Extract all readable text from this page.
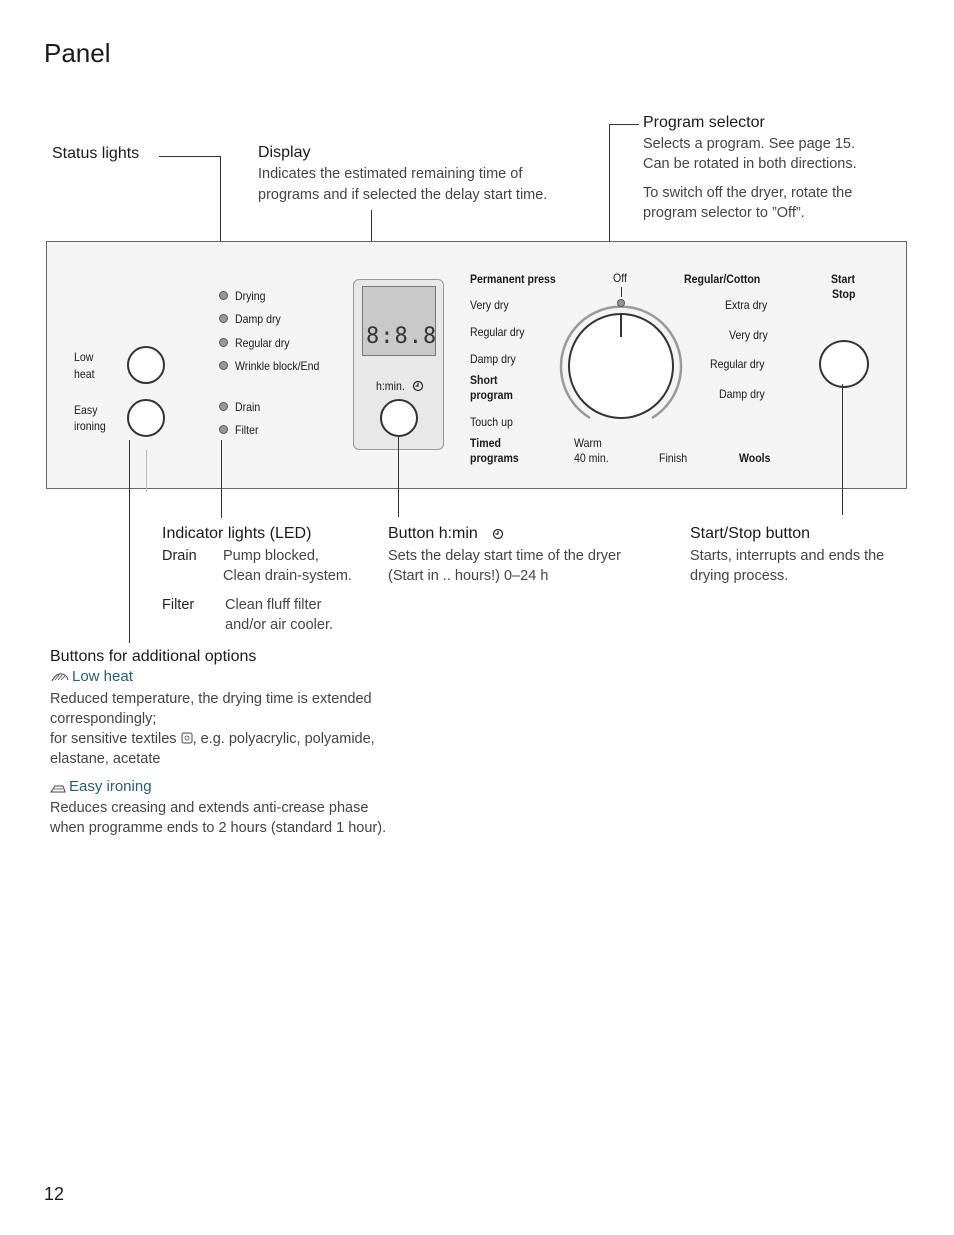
Panel
Status lights	Display
Indicates the estimated remaining time of
programs and if selected the delay start time.
Program selector
Selects a program. See page 15.
Can be rotated in both directions.
To switch off the dryer, rotate the
program selector to ”Off”.
Low
heat
Easy
ironing
Drying
Damp dry
Regular dry
Wrinkle block/End
Drain
Filter
8:8.8
h:min.
Off
Permanent press
Very dry
Regular dry
Damp dry
Short
program
Touch up
Timed
programs
Warm
40 min.	Finish
Regular/Cotton
Extra dry
Very dry
Regular dry
Damp dry
Wools
Start
Stop
Indicator lights (LED)
Drain Pump blocked,
Clean drain-system.
Filter Clean fluff filter
and/or air cooler.
Button h:min
Sets the delay start time of the dryer
(Start in .. hours!) 0–24 h
Start/Stop button
Starts, interrupts and ends the
drying process.
Buttons for additional options
Low heat
Reduced temperature, the drying time is extended
correspondingly;
for sensitive textiles , e.g. polyacrylic, polyamide,
elastane, acetate
Easy ironing
Reduces creasing and extends anti-crease phase
when programme ends to 2 hours (standard 1 hour).
12
